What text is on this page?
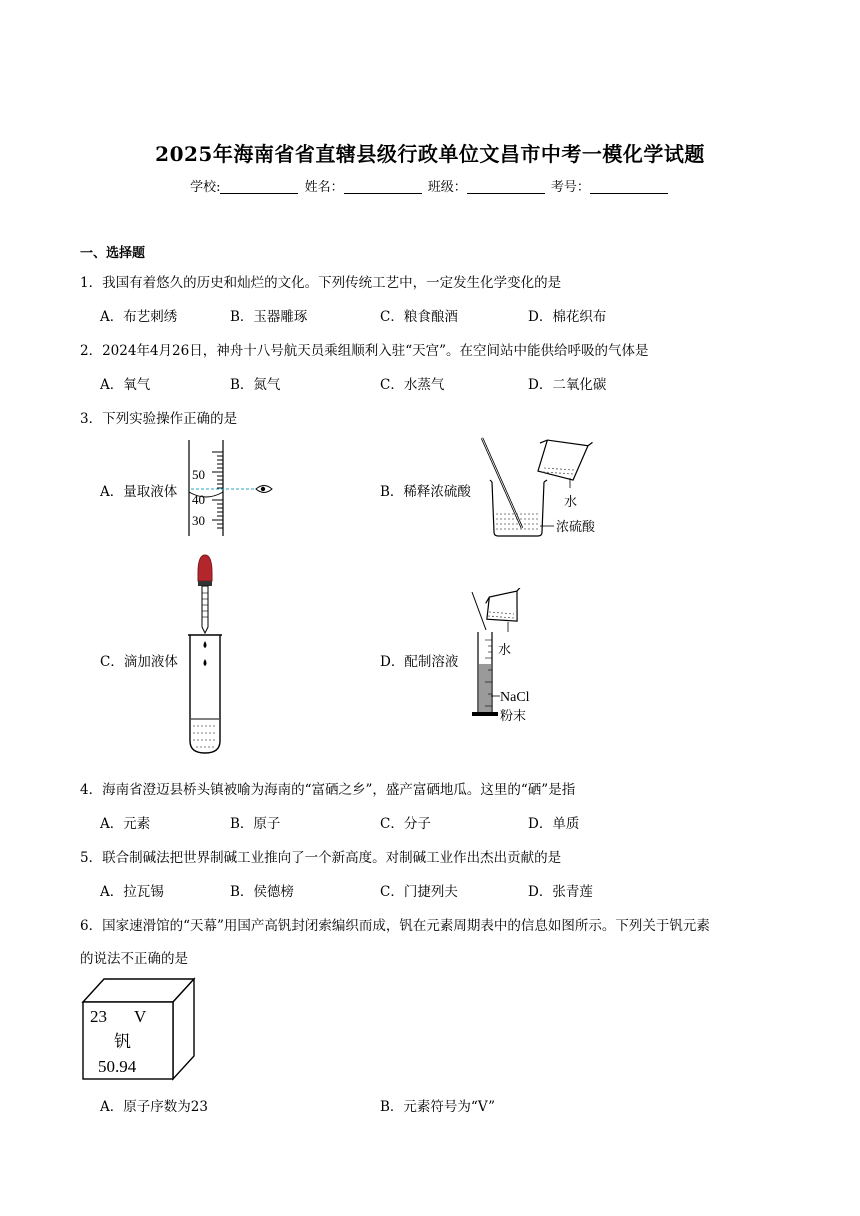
2025年海南省省直辖县级行政单位文昌市中考一模化学试题
学校:	姓名：	班级：	考号：
一、选择题
1．我国有着悠久的历史和灿烂的文化。下列传统工艺中，一定发生化学变化的是
A．布艺刺绣	B．玉器雕琢	C．粮食酿酒	D．棉花织布
2．2024年4月26日，神舟十八号航天员乘组顺利入驻“天宫”。在空间站中能供给呼吸的气体是
A．氧气	B．氮气	C．水蒸气	D．二氧化碳
3．下列实验操作正确的是
A．量取液体	B．稀释浓硫酸
C．滴加液体	D．配制溶液
50
40
30
水
浓硫酸
水
NaCl
粉末
4．海南省澄迈县桥头镇被喻为海南的“富硒之乡”，盛产富硒地瓜。这里的“硒”是指
A．元素	B．原子	C．分子	D．单质
5．联合制碱法把世界制碱工业推向了一个新高度。对制碱工业作出杰出贡献的是
A．拉瓦锡	B．侯德榜	C．门捷列夫	D．张青莲
6．国家速滑馆的“天幕”用国产高钒封闭索编织而成，钒在元素周期表中的信息如图所示。下列关于钒元素
的说法不正确的是
23 V
钒
50.94
A．原子序数为23	B．元素符号为“V”
